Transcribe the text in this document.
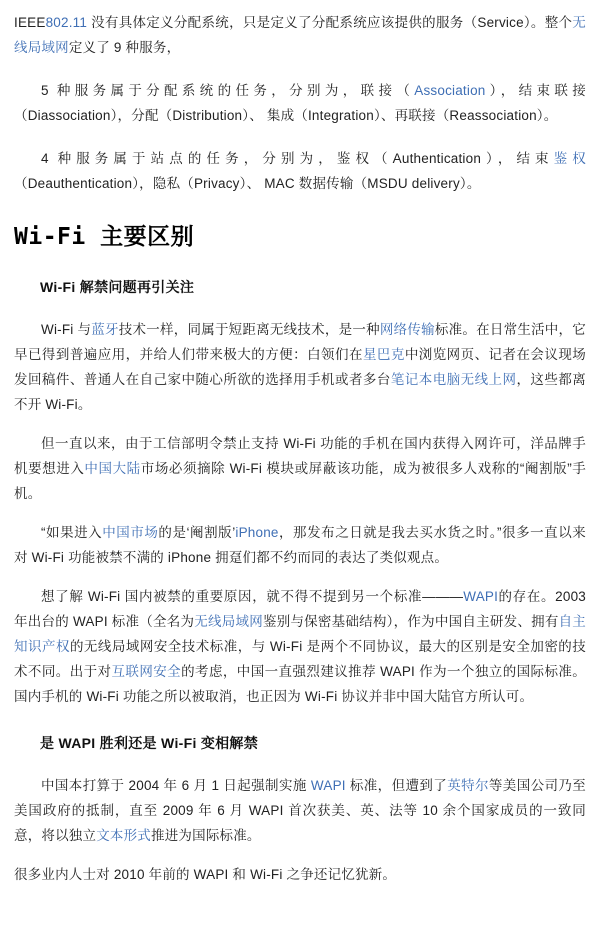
IEEE802.11 没有具体定义分配系统，只是定义了分配系统应该提供的服务（Service）。整个无线局域网定义了 9 种服务，

5 种服务属于分配系统的任务，分别为，联接（Association），结束联接（Diassociation），分配（Distribution）、 集成（Integration）、再联接（Reassociation）。

4 种服务属于站点的任务，分别为，鉴权（Authentication），结束鉴权（Deauthentication），隐私（Privacy）、 MAC 数据传输（MSDU delivery）。

Wi-Fi 主要区别
Wi-Fi 解禁问题再引关注

Wi-Fi 与蓝牙技术一样，同属于短距离无线技术，是一种网络传输标准。在日常生活中，它早已得到普遍应用，并给人们带来极大的方便：白领们在星巴克中浏览网页、记者在会议现场发回稿件、普通人在自己家中随心所欲的选择用手机或者多台笔记本电脑无线上网，这些都离不开 Wi-Fi。

但一直以来，由于工信部明令禁止支持 Wi-Fi 功能的手机在国内获得入网许可，洋品牌手机要想进入中国大陆市场必须摘除 Wi-Fi 模块或屏蔽该功能，成为被很多人戏称的“阉割版”手机。

“如果进入中国市场的是‘阉割版’iPhone，那发布之日就是我去买水货之时。”很多一直以来对 Wi-Fi 功能被禁不满的 iPhone 拥趸们都不约而同的表达了类似观点。

想了解 Wi-Fi 国内被禁的重要原因，就不得不提到另一个标准———WAPI的存在。2003 年出台的 WAPI 标准（全名为无线局域网鉴别与保密基础结构），作为中国自主研发、拥有自主知识产权的无线局域网安全技术标准，与 Wi-Fi 是两个不同协议，最大的区别是安全加密的技术不同。出于对互联网安全的考虑，中国一直强烈建议推荐 WAPI 作为一个独立的国际标准。国内手机的 Wi-Fi 功能之所以被取消，也正因为 Wi-Fi 协议并非中国大陆官方所认可。

是 WAPI 胜利还是 Wi-Fi 变相解禁

中国本打算于 2004 年 6 月 1 日起强制实施 WAPI 标准，但遭到了英特尔等美国公司乃至美国政府的抵制，直至 2009 年 6 月 WAPI 首次获美、英、法等 10 余个国家成员的一致同意，将以独立文本形式推进为国际标准。

很多业内人士对 2010 年前的 WAPI 和 Wi-Fi 之争还记忆犹新。
